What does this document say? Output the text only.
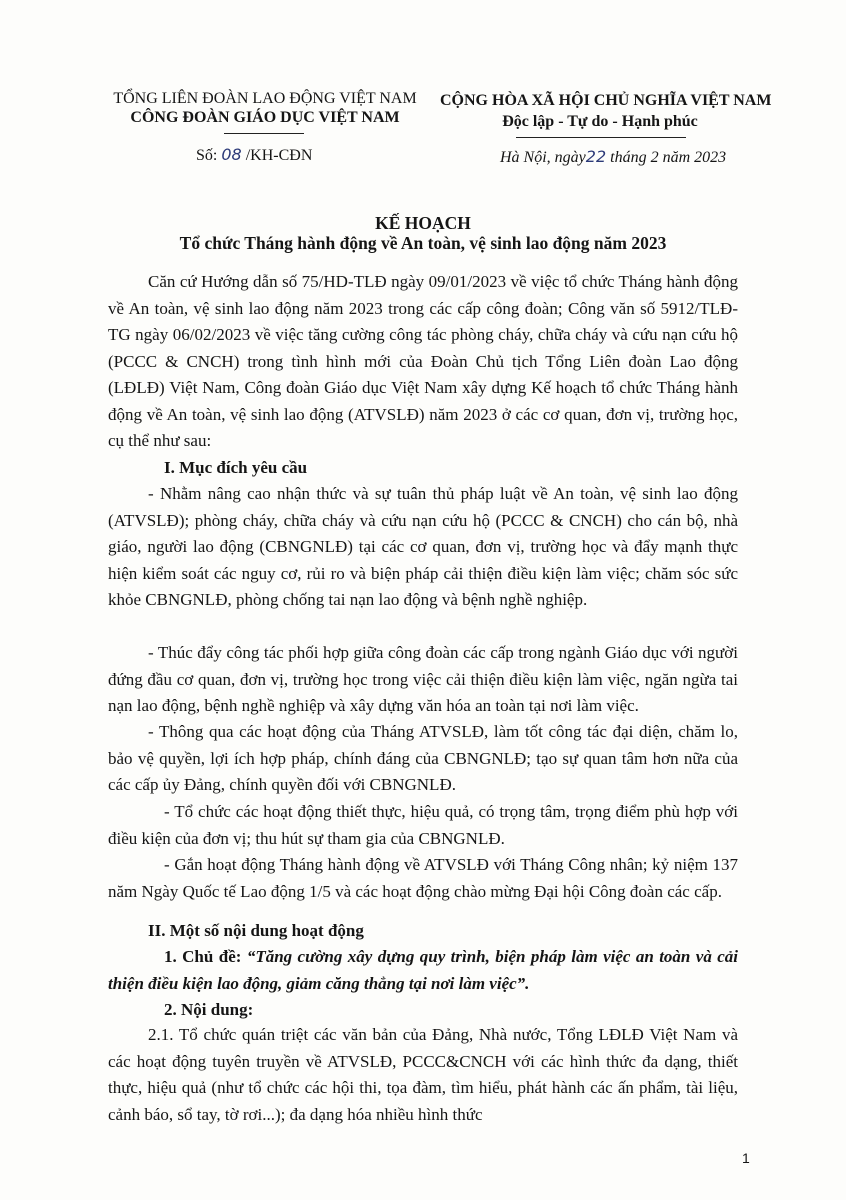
TỔNG LIÊN ĐOÀN LAO ĐỘNG VIỆT NAM
CÔNG ĐOÀN GIÁO DỤC VIỆT NAM
CỘNG HÒA XÃ HỘI CHỦ NGHĨA VIỆT NAM
Độc lập - Tự do - Hạnh phúc
Số: 08 /KH-CĐN	Hà Nội, ngày22 tháng 2 năm 2023
KẾ HOẠCH
Tổ chức Tháng hành động về An toàn, vệ sinh lao động năm 2023

Căn cứ Hướng dẫn số 75/HD-TLĐ ngày 09/01/2023 về việc tổ chức Tháng hành động về An toàn, vệ sinh lao động năm 2023 trong các cấp công đoàn; Công văn số 5912/TLĐ-TG ngày 06/02/2023 về việc tăng cường công tác phòng cháy, chữa cháy và cứu nạn cứu hộ (PCCC & CNCH) trong tình hình mới của Đoàn Chủ tịch Tổng Liên đoàn Lao động (LĐLĐ) Việt Nam, Công đoàn Giáo dục Việt Nam xây dựng Kế hoạch tổ chức Tháng hành động về An toàn, vệ sinh lao động (ATVSLĐ) năm 2023 ở các cơ quan, đơn vị, trường học, cụ thể như sau:

I. Mục đích yêu cầu

- Nhằm nâng cao nhận thức và sự tuân thủ pháp luật về An toàn, vệ sinh lao động (ATVSLĐ); phòng cháy, chữa cháy và cứu nạn cứu hộ (PCCC & CNCH) cho cán bộ, nhà giáo, người lao động (CBNGNLĐ) tại các cơ quan, đơn vị, trường học và đẩy mạnh thực hiện kiểm soát các nguy cơ, rủi ro và biện pháp cải thiện điều kiện làm việc; chăm sóc sức khỏe CBNGNLĐ, phòng chống tai nạn lao động và bệnh nghề nghiệp.

- Thúc đẩy công tác phối hợp giữa công đoàn các cấp trong ngành Giáo dục với người đứng đầu cơ quan, đơn vị, trường học trong việc cải thiện điều kiện làm việc, ngăn ngừa tai nạn lao động, bệnh nghề nghiệp và xây dựng văn hóa an toàn tại nơi làm việc.

- Thông qua các hoạt động của Tháng ATVSLĐ, làm tốt công tác đại diện, chăm lo, bảo vệ quyền, lợi ích hợp pháp, chính đáng của CBNGNLĐ; tạo sự quan tâm hơn nữa của các cấp ủy Đảng, chính quyền đối với CBNGNLĐ.

- Tổ chức các hoạt động thiết thực, hiệu quả, có trọng tâm, trọng điểm phù hợp với điều kiện của đơn vị; thu hút sự tham gia của CBNGNLĐ.

- Gắn hoạt động Tháng hành động về ATVSLĐ với Tháng Công nhân; kỷ niệm 137 năm Ngày Quốc tế Lao động 1/5 và các hoạt động chào mừng Đại hội Công đoàn các cấp.

II. Một số nội dung hoạt động

1. Chủ đề: “Tăng cường xây dựng quy trình, biện pháp làm việc an toàn và cải thiện điều kiện lao động, giảm căng thẳng tại nơi làm việc”.

2. Nội dung:

2.1. Tổ chức quán triệt các văn bản của Đảng, Nhà nước, Tổng LĐLĐ Việt Nam và các hoạt động tuyên truyền về ATVSLĐ, PCCC&CNCH với các hình thức đa dạng, thiết thực, hiệu quả (như tổ chức các hội thi, tọa đàm, tìm hiểu, phát hành các ấn phẩm, tài liệu, cảnh báo, sổ tay, tờ rơi...); đa dạng hóa nhiều hình thức

1
